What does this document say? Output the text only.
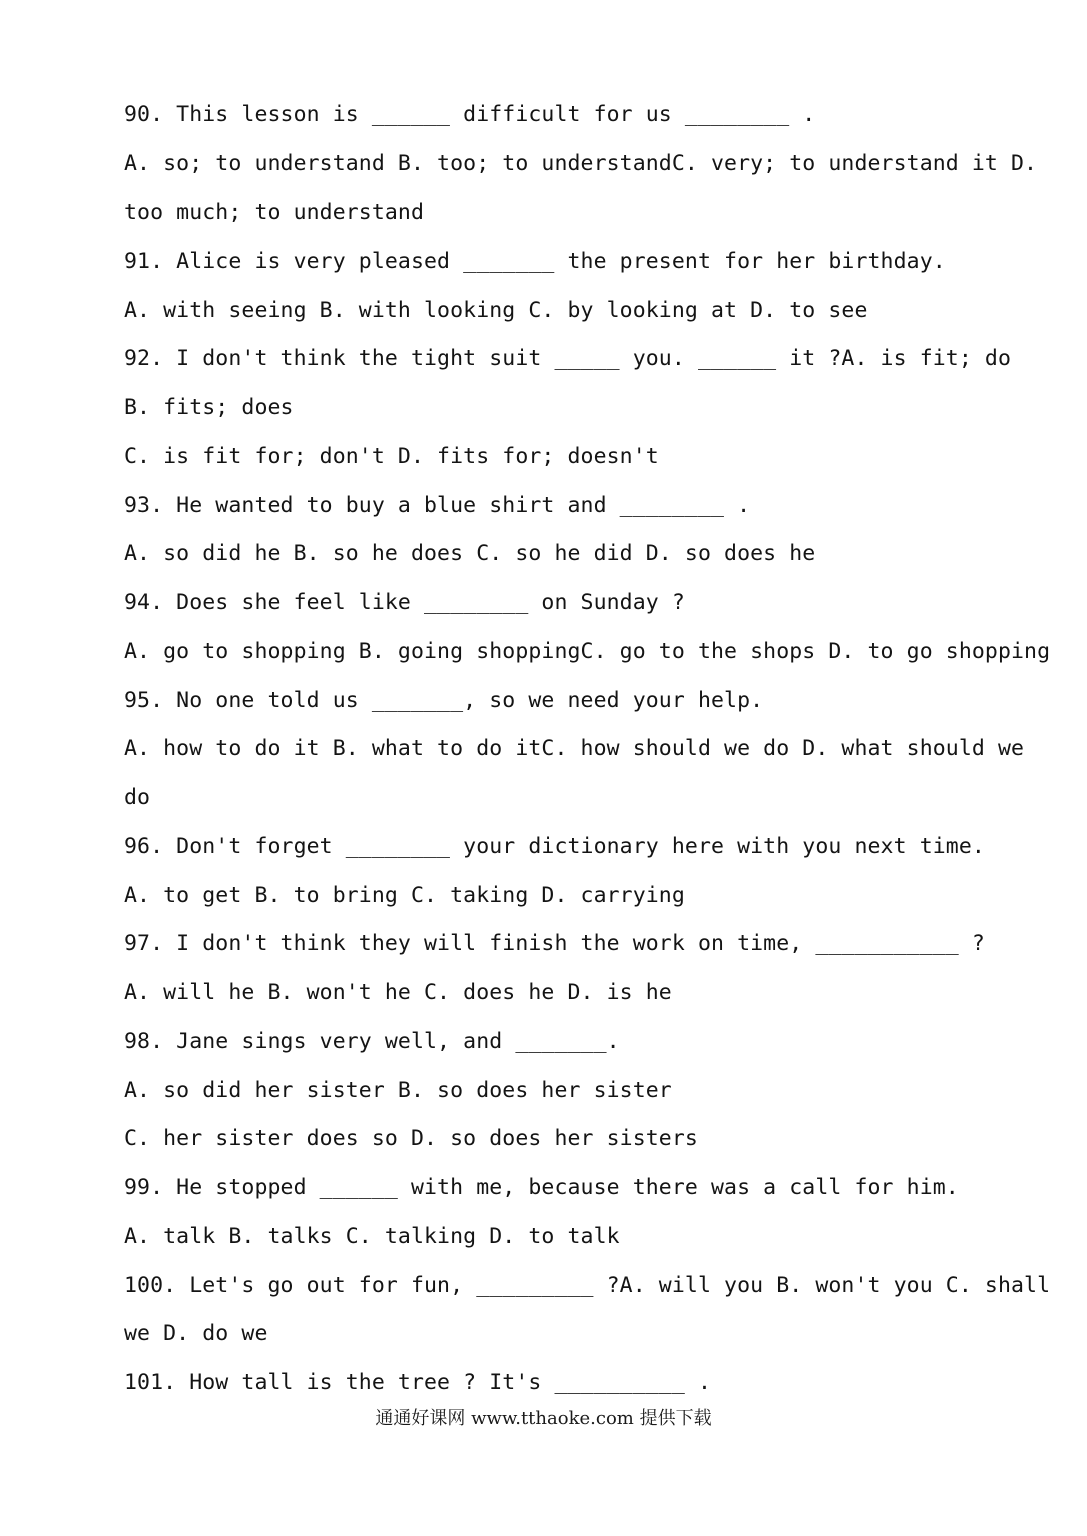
90. This lesson is ______ difficult for us ________ .
A. so; to understand B. too; to understandC. very; to understand it D.
too much; to understand
91. Alice is very pleased _______ the present for her birthday.
A. with seeing B. with looking C. by looking at D. to see
92. I don't think the tight suit _____ you. ______ it ?A. is fit; do
B. fits; does
C. is fit for; don't D. fits for; doesn't
93. He wanted to buy a blue shirt and ________ .
A. so did he B. so he does C. so he did D. so does he
94. Does she feel like ________ on Sunday ?
A. go to shopping B. going shoppingC. go to the shops D. to go shopping
95. No one told us _______, so we need your help.
A. how to do it B. what to do itC. how should we do D. what should we
do
96. Don't forget ________ your dictionary here with you next time.
A. to get B. to bring C. taking D. carrying
97. I don't think they will finish the work on time, ___________ ?
A. will he B. won't he C. does he D. is he
98. Jane sings very well, and _______.
A. so did her sister B. so does her sister
C. her sister does so D. so does her sisters
99. He stopped ______ with me, because there was a call for him.
A. talk B. talks C. talking D. to talk
100. Let's go out for fun, _________ ?A. will you B. won't you C. shall
we D. do we
101. How tall is the tree ? It's __________ .
通通好课网 www.tthaoke.com 提供下载
